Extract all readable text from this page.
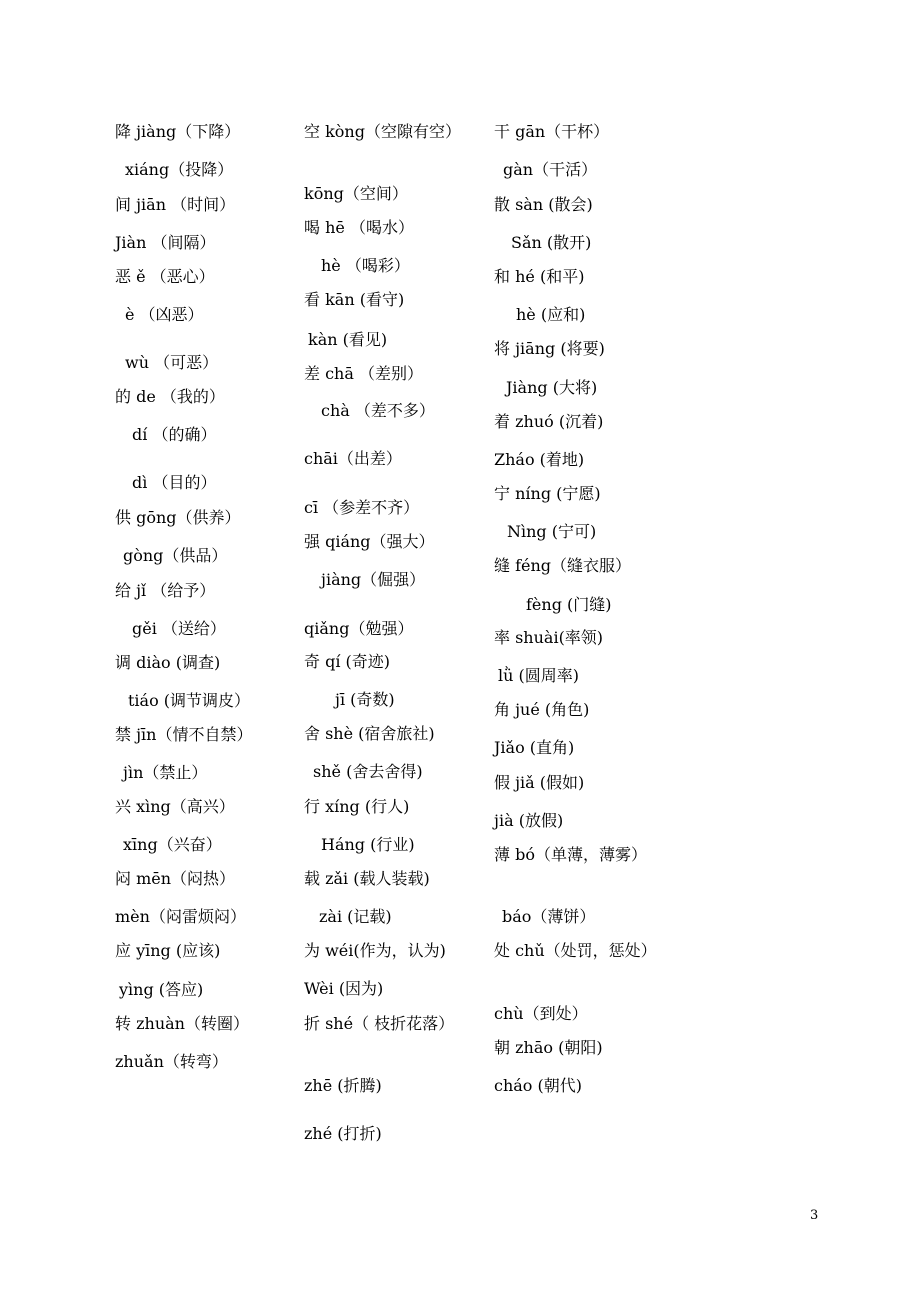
降 jiàng（下降）
xiáng（投降）
间 jiān （时间）
Jiàn （间隔）
恶 ě （恶心）
è （凶恶）
wù （可恶）
的 de （我的）
dí （的确）
dì （目的）
供 gōng（供养）
gòng（供品）
给 jǐ （给予）
gěi （送给）
调 diào (调查)
tiáo (调节调皮）
禁 jīn（情不自禁）
jìn（禁止）
兴 xìng（高兴）
xīng（兴奋）
闷 mēn（闷热）
mèn（闷雷烦闷）
应 yīng (应该)
yìng (答应)
转 zhuàn（转圈）
zhuǎn（转弯）
空 kòng（空隙有空）
kōng（空间）
喝 hē （喝水）
hè （喝彩）
看 kān (看守)
kàn (看见)
差 chā （差别）
chà （差不多）
chāi（出差）
cī （参差不齐）
强 qiáng（强大）
jiàng（倔强）
qiǎng（勉强）
奇 qí (奇迹)
jī (奇数)
舍 shè (宿舍旅社)
shě (舍去舍得)
行 xíng (行人)
Háng (行业)
载 zǎi (载人装载)
zài (记载)
为 wéi(作为，认为)
Wèi (因为)
折 shé（ 枝折花落）
zhē (折腾)
zhé (打折)
干 gān（干杯）
gàn（干活）
散 sàn (散会)
Sǎn (散开)
和 hé (和平)
hè (应和)
将 jiāng (将要)
Jiàng (大将)
着 zhuó (沉着)
Zháo (着地)
宁 níng (宁愿)
Nìng (宁可)
缝 féng（缝衣服）
fèng (门缝)
率 shuài(率领)
lǜ (圆周率)
角 jué (角色)
Jiǎo (直角)
假 jiǎ (假如)
jià (放假)
薄 bó（单薄，薄雾）
báo（薄饼）
处 chǔ（处罚，惩处）
chù（到处）
朝 zhāo (朝阳)
cháo (朝代)
3
